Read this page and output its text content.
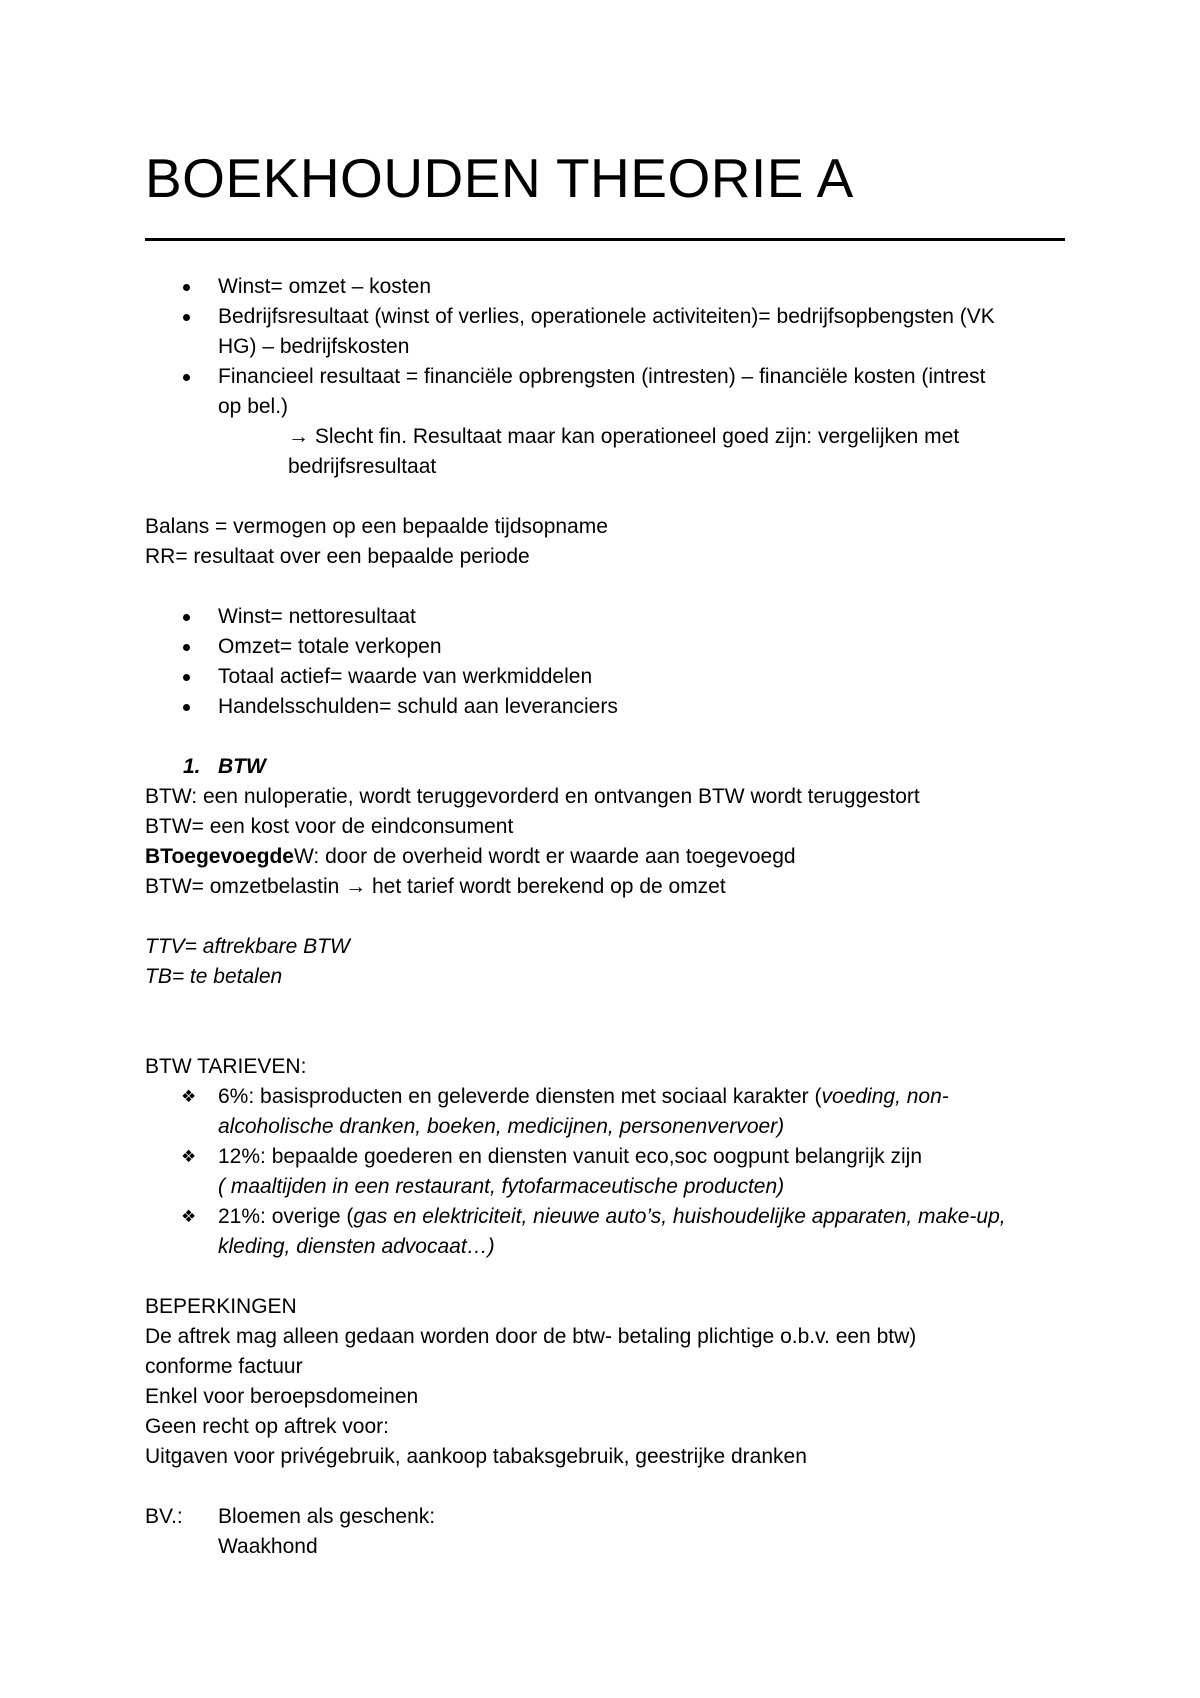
BOEKHOUDEN THEORIE A
Winst= omzet – kosten
Bedrijfsresultaat (winst of verlies, operationele activiteiten)= bedrijfsopbengsten (VK
HG) – bedrijfskosten
Financieel resultaat = financiële opbrengsten (intresten) – financiële kosten (intrest
op bel.)
→ Slecht fin. Resultaat maar kan operationeel goed zijn: vergelijken met
bedrijfsresultaat
Balans = vermogen op een bepaalde tijdsopname
RR= resultaat over een bepaalde periode
Winst= nettoresultaat
Omzet= totale verkopen
Totaal actief= waarde van werkmiddelen
Handelsschulden= schuld aan leveranciers
1. BTW
BTW: een nuloperatie, wordt teruggevorderd en ontvangen BTW wordt teruggestort
BTW= een kost voor de eindconsument
BToegevoegdeW: door de overheid wordt er waarde aan toegevoegd
BTW= omzetbelastin → het tarief wordt berekend op de omzet
TTV= aftrekbare BTW
TB= te betalen
BTW TARIEVEN:
❖ 6%: basisproducten en geleverde diensten met sociaal karakter (voeding, non-
alcoholische dranken, boeken, medicijnen, personenvervoer)
❖ 12%: bepaalde goederen en diensten vanuit eco,soc oogpunt belangrijk zijn
( maaltijden in een restaurant, fytofarmaceutische producten)
❖ 21%: overige (gas en elektriciteit, nieuwe auto’s, huishoudelijke apparaten, make-up,
kleding, diensten advocaat…)
BEPERKINGEN
De aftrek mag alleen gedaan worden door de btw- betaling plichtige o.b.v. een btw)
conforme factuur
Enkel voor beroepsdomeinen
Geen recht op aftrek voor:
Uitgaven voor privégebruik, aankoop tabaksgebruik, geestrijke dranken
BV.: Bloemen als geschenk:
Waakhond
